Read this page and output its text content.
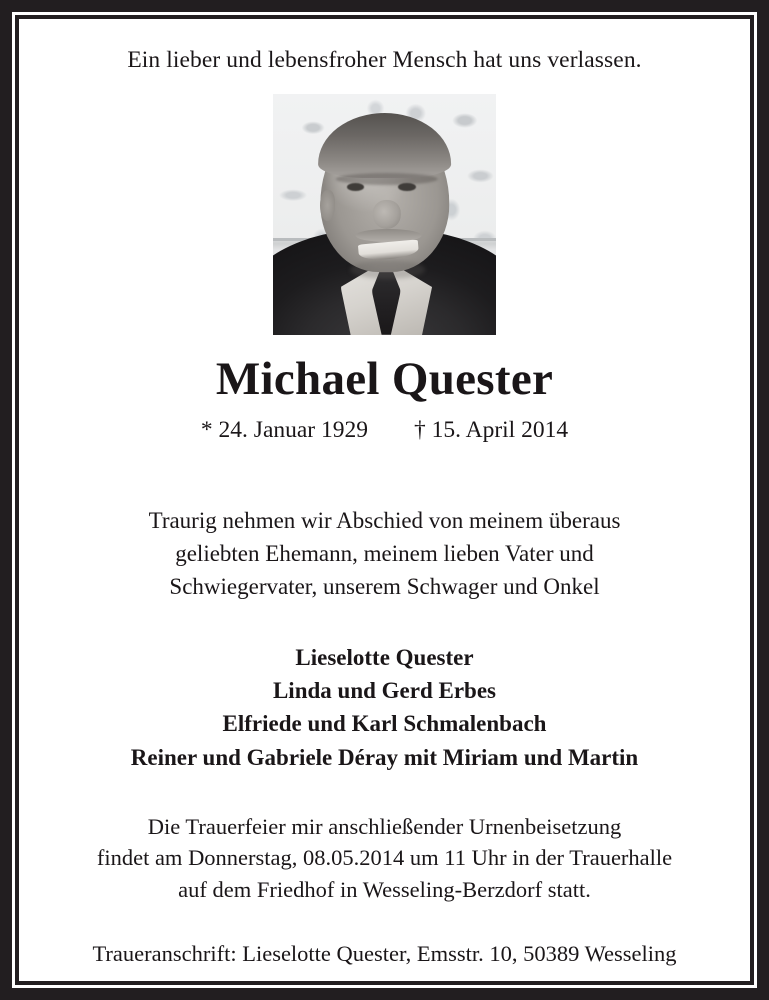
Ein lieber und lebensfroher Mensch hat uns verlassen.

Michael Quester
* 24. Januar 1929 † 15. April 2014

Traurig nehmen wir Abschied von meinem überaus
geliebten Ehemann, meinem lieben Vater und
Schwiegervater, unserem Schwager und Onkel

Lieselotte Quester
Linda und Gerd Erbes
Elfriede und Karl Schmalenbach
Reiner und Gabriele Déray mit Miriam und Martin

Die Trauerfeier mir anschließender Urnenbeisetzung
findet am Donnerstag, 08.05.2014 um 11 Uhr in der Trauerhalle
auf dem Friedhof in Wesseling-Berzdorf statt.

Traueranschrift: Lieselotte Quester, Emsstr. 10, 50389 Wesseling
